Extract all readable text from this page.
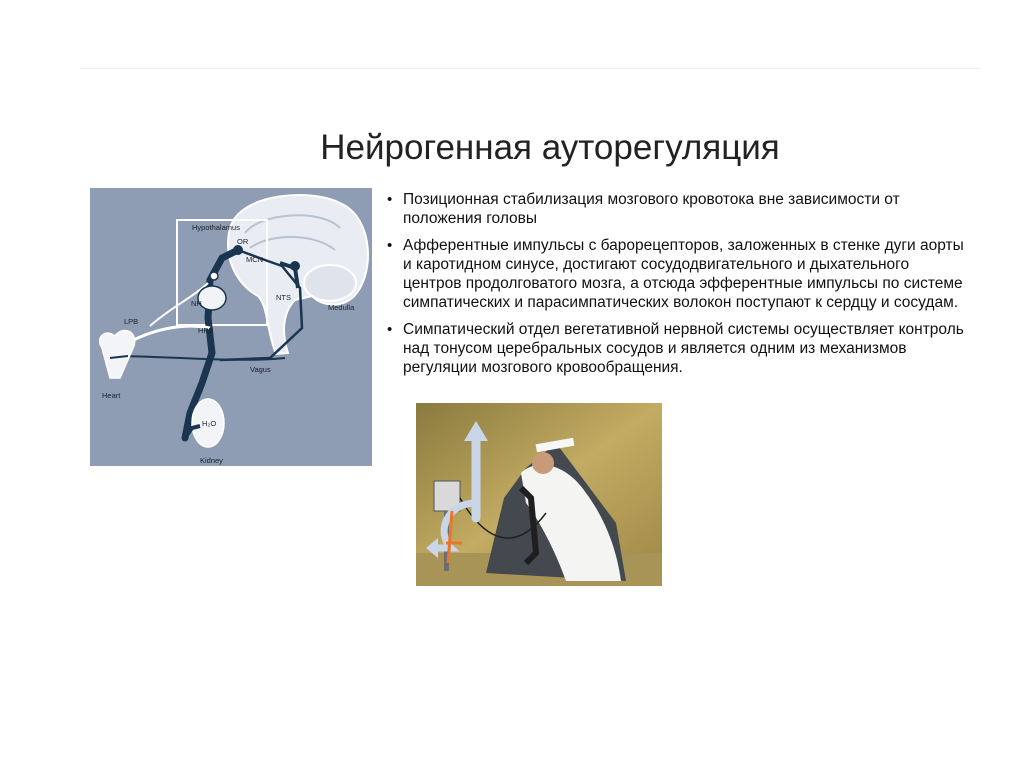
Нейрогенная ауторегуляция
Hypothalamus
OR
MCN
NH
NTS
Medulla
LPB
HPB
Vagus
Heart
H₂O
Kidney
• Позиционная стабилизация мозгового кровотока вне зависимости от положения головы
• Афферентные импульсы с барорецепторов, заложенных в стенке дуги аорты и каротидном синусе, достигают сосудодвигательного и дыхательного центров продолговатого мозга, а отсюда эфферентные импульсы по системе симпатических и парасимпатических волокон поступают к сердцу и сосудам.
• Симпатический отдел вегетативной нервной системы осуществляет контроль над тонусом церебральных сосудов и является одним из механизмов регуляции мозгового кровообращения.
